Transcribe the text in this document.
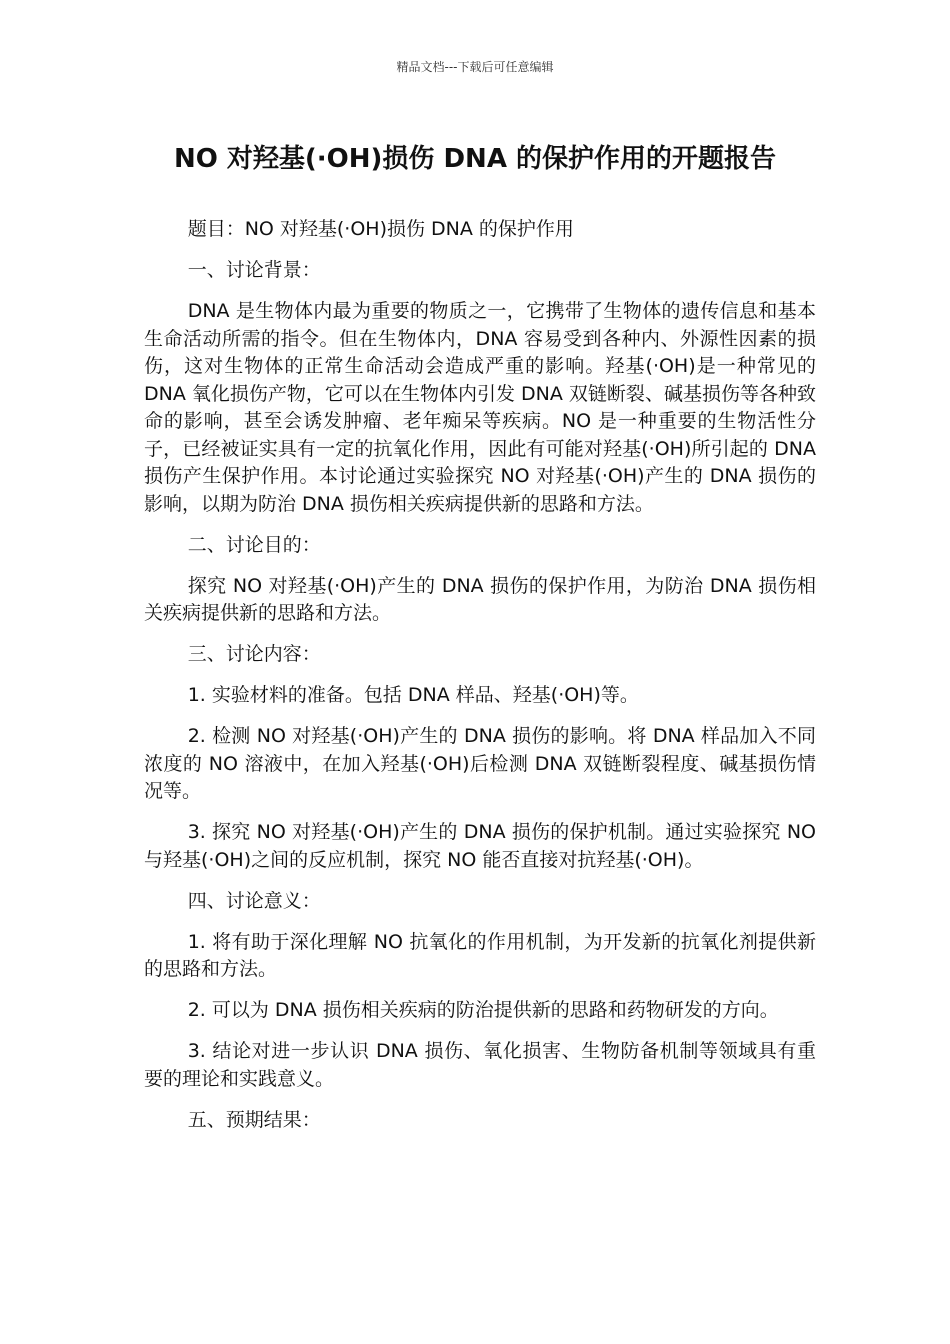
精品文档---下载后可任意编辑
NO 对羟基(·OH)损伤 DNA 的保护作用的开题报告

题目：NO 对羟基(·OH)损伤 DNA 的保护作用

一、讨论背景：

DNA 是生物体内最为重要的物质之一，它携带了生物体的遗传信息和基本生命活动所需的指令。但在生物体内，DNA 容易受到各种内、外源性因素的损伤，这对生物体的正常生命活动会造成严重的影响。羟基(·OH)是一种常见的 DNA 氧化损伤产物，它可以在生物体内引发 DNA 双链断裂、碱基损伤等各种致命的影响，甚至会诱发肿瘤、老年痴呆等疾病。NO 是一种重要的生物活性分子，已经被证实具有一定的抗氧化作用，因此有可能对羟基(·OH)所引起的 DNA 损伤产生保护作用。本讨论通过实验探究 NO 对羟基(·OH)产生的 DNA 损伤的影响，以期为防治 DNA 损伤相关疾病提供新的思路和方法。

二、讨论目的：

探究 NO 对羟基(·OH)产生的 DNA 损伤的保护作用，为防治 DNA 损伤相关疾病提供新的思路和方法。

三、讨论内容：

1. 实验材料的准备。包括 DNA 样品、羟基(·OH)等。

2. 检测 NO 对羟基(·OH)产生的 DNA 损伤的影响。将 DNA 样品加入不同浓度的 NO 溶液中，在加入羟基(·OH)后检测 DNA 双链断裂程度、碱基损伤情况等。

3. 探究 NO 对羟基(·OH)产生的 DNA 损伤的保护机制。通过实验探究 NO 与羟基(·OH)之间的反应机制，探究 NO 能否直接对抗羟基(·OH)。

四、讨论意义：

1. 将有助于深化理解 NO 抗氧化的作用机制，为开发新的抗氧化剂提供新的思路和方法。

2. 可以为 DNA 损伤相关疾病的防治提供新的思路和药物研发的方向。

3. 结论对进一步认识 DNA 损伤、氧化损害、生物防备机制等领域具有重要的理论和实践意义。

五、预期结果：
